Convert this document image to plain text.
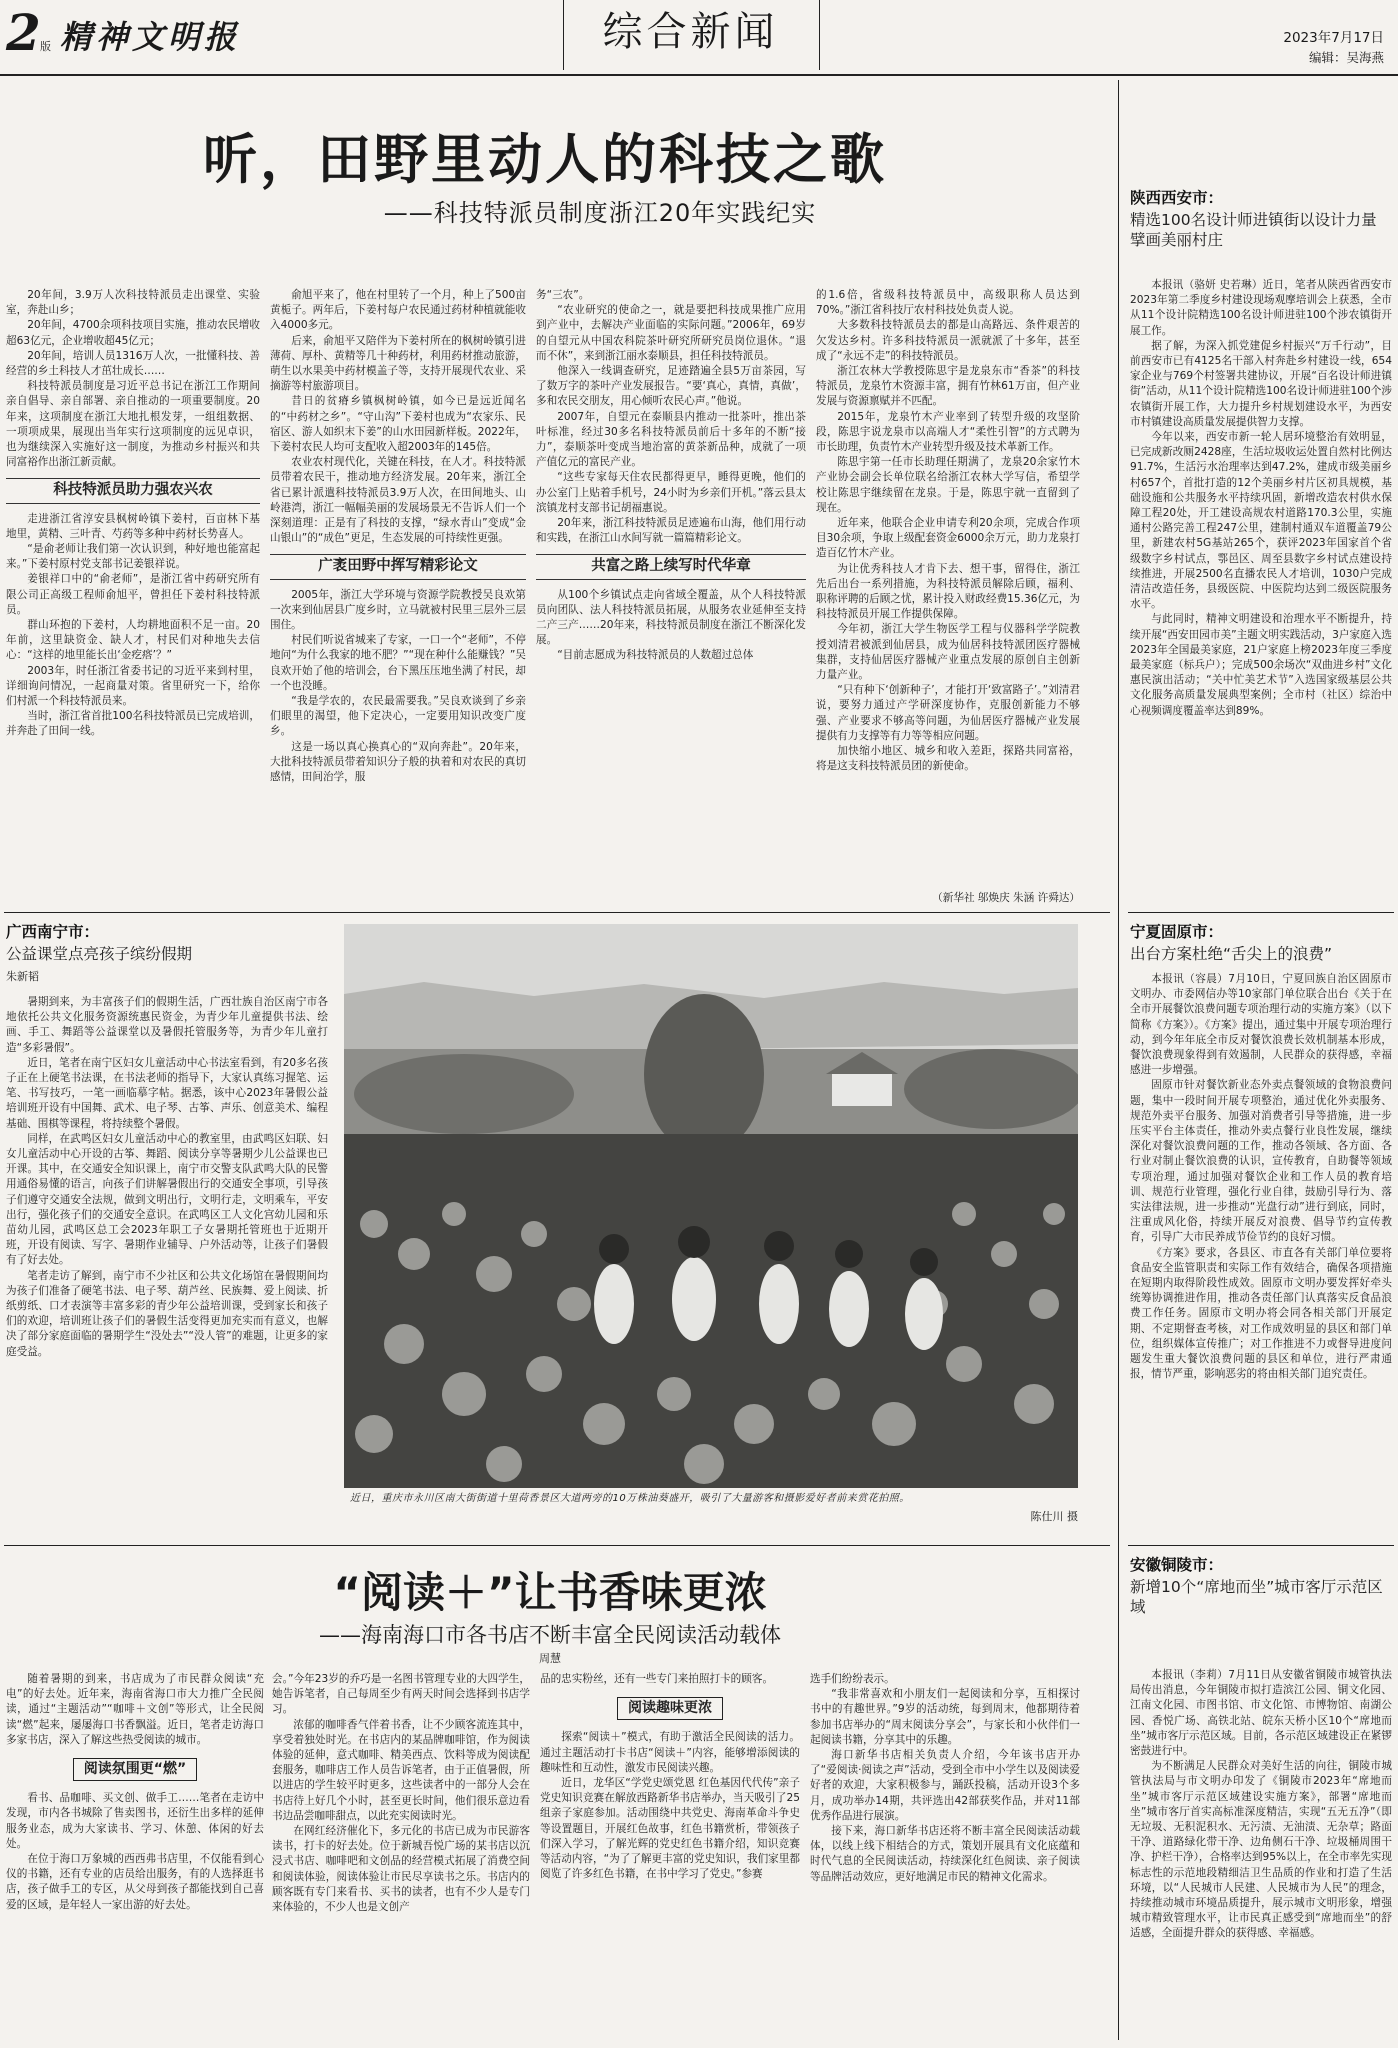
2 版 精神文明报	综合新闻	2023年7月17日
编辑：吴海燕
听，田野里动人的科技之歌
——科技特派员制度浙江20年实践纪实

20年间，3.9万人次科技特派员走出课堂、实验室，奔赴山乡；

20年间，4700余项科技项目实施，推动农民增收超63亿元，企业增收超45亿元；

20年间，培训人员1316万人次，一批懂科技、善经营的乡土科技人才茁壮成长……

科技特派员制度是习近平总书记在浙江工作期间亲自倡导、亲自部署、亲自推动的一项重要制度。20年来，这项制度在浙江大地扎根发芽，一组组数据、一项项成果，展现出当年实行这项制度的远见卓识，也为继续深入实施好这一制度，为推动乡村振兴和共同富裕作出浙江新贡献。

科技特派员助力强农兴农

走进浙江省淳安县枫树岭镇下姜村，百亩林下基地里，黄精、三叶青、芍药等多种中药材长势喜人。

“是俞老师让我们第一次认识到，种好地也能富起来。”下姜村原村党支部书记姜银祥说。

姜银祥口中的“俞老师”，是浙江省中药研究所有限公司正高级工程师俞旭平，曾担任下姜村科技特派员。

群山环抱的下姜村，人均耕地面积不足一亩。20年前，这里缺资金、缺人才，村民们对种地失去信心：“这样的地里能长出‘金疙瘩’？”

2003年，时任浙江省委书记的习近平来到村里，详细询问情况，一起商量对策。省里研究一下，给你们村派一个科技特派员来。

当时，浙江省首批100名科技特派员已完成培训，并奔赴了田间一线。

俞旭平来了，他在村里转了一个月，种上了500亩黄栀子。两年后，下姜村每户农民通过药材种植就能收入4000多元。

后来，俞旭平又陪伴为下姜村所在的枫树岭镇引进薄荷、厚朴、黄精等几十种药材，利用药材推动旅游，萌生以水果美中药材模盖子等，支持开展现代农业、采摘游等村旅游项目。

昔日的贫瘠乡镇枫树岭镇，如今已是远近闻名的“中药材之乡”。“守山沟”下姜村也成为“农家乐、民宿区、游人如织末下姜”的山水田园新样板。2022年，下姜村农民人均可支配收入超2003年的145倍。

农业农村现代化，关键在科技，在人才。科技特派员带着农民干，推动地方经济发展。20年来，浙江全省已累计派遣科技特派员3.9万人次，在田间地头、山岭港湾，浙江一幅幅美丽的发展场景无不告诉人们一个深刻道理：正是有了科技的支撑，“绿水青山”变成“金山银山”的“成色”更足，生态发展的可持续性更强。

广袤田野中挥写精彩论文

2005年，浙江大学环境与资源学院教授吴良欢第一次来到仙居县广度乡时，立马就被村民里三层外三层围住。

村民们听说省城来了专家，一口一个“老师”，不停地问“为什么我家的地不肥？”“现在种什么能赚钱？”吴良欢开始了他的培训会，台下黑压压地坐满了村民，却一个也没睡。

“我是学农的，农民最需要我。”吴良欢谈到了乡亲们眼里的渴望，他下定决心，一定要用知识改变广度乡。

这是一场以真心换真心的“双向奔赴”。20年来，大批科技特派员带着知识分子般的执着和对农民的真切感情，田间治学，服

务“三农”。

“农业研究的使命之一，就是要把科技成果推广应用到产业中，去解决产业面临的实际问题。”2006年，69岁的自望元从中国农科院茶叶研究所研究员岗位退休。“退而不休”，来到浙江丽水泰顺县，担任科技特派员。

他深入一线调查研究，足迹踏遍全县5万亩茶园，写了数万字的茶叶产业发展报告。“要‘真心，真情，真做’，多和农民交朋友，用心倾听农民心声。”他说。

2007年，自望元在泰顺县内推动一批茶叶，推出茶叶标准，经过30多名科技特派员前后十多年的不断“接力”，泰顺茶叶变成当地治富的黄茶新品种，成就了一项产值亿元的富民产业。

“这些专家每天住农民都得更早，睡得更晚，他们的办公室门上贴着手机号，24小时为乡亲们开机。”落云县太滨镇龙村支部书记胡福惠说。

20年来，浙江科技特派员足迹遍布山海，他们用行动和实践，在浙江山水间写就一篇篇精彩论文。

共富之路上续写时代华章

从100个乡镇试点走向省域全覆盖，从个人科技特派员向团队、法人科技特派员拓展，从服务农业延伸至支持二产三产……20年来，科技特派员制度在浙江不断深化发展。

“目前志愿成为科技特派员的人数超过总体

的1.6倍，省级科技特派员中，高级职称人员达到70%。”浙江省科技厅农村科技处负责人说。

大多数科技特派员去的都是山高路远、条件艰苦的欠发达乡村。许多科技特派员一派就派了十多年，甚至成了“永远不走”的科技特派员。

浙江农林大学教授陈思宇是龙泉东市“香茶”的科技特派员，龙泉竹木资源丰富，拥有竹林61万亩，但产业发展与资源禀赋并不匹配。

2015年，龙泉竹木产业率到了转型升级的攻坚阶段，陈思宇说龙泉市以高端人才“柔性引智”的方式聘为市长助理，负责竹木产业转型升级及技术革新工作。

陈思宇第一任市长助理任期满了，龙泉20余家竹木产业协会副会长单位联名给浙江农林大学写信，希望学校让陈思宇继续留在龙泉。于是，陈思宇就一直留到了现在。

近年来，他联合企业申请专利20余项，完成合作项目30余项，争取上级配套资金6000余万元，助力龙泉打造百亿竹木产业。

为让优秀科技人才肯下去、想干事，留得住，浙江先后出台一系列措施，为科技特派员解除后顾，福利、职称评聘的后顾之忧，累计投入财政经费15.36亿元，为科技特派员开展工作提供保障。

今年初，浙江大学生物医学工程与仪器科学学院教授刘清君被派到仙居县，成为仙居科技特派团医疗器械集群，支持仙居医疗器械产业重点发展的原创自主创新力量产业。

“只有种下‘创新种子’，才能打开‘致富路子’。”刘清君说，要努力通过产学研深度协作，克服创新能力不够强、产业要求不够高等问题，为仙居医疗器械产业发展提供有力支撑等有力等等相应问题。

加快缩小地区、城乡和收入差距，探路共同富裕，将是这支科技特派员团的新使命。

（新华社 邬焕庆 朱涵 许舜达）
广西南宁市：
公益课堂点亮孩子缤纷假期
朱新韬

暑期到来，为丰富孩子们的假期生活，广西壮族自治区南宁市各地依托公共文化服务资源统惠民资金，为青少年儿童提供书法、绘画、手工、舞蹈等公益课堂以及暑假托管服务等，为青少年儿童打造“多彩暑假”。

近日，笔者在南宁区妇女儿童活动中心书法室看到，有20多名孩子正在上硬笔书法课，在书法老师的指导下，大家认真练习握笔、运笔、书写技巧，一笔一画临摹字帖。据悉，该中心2023年暑假公益培训班开设有中国舞、武术、电子琴、古筝、声乐、创意美术、编程基础、围棋等课程，将持续整个暑假。

同样，在武鸣区妇女儿童活动中心的教室里，由武鸣区妇联、妇女儿童活动中心开设的古筝、舞蹈、阅读分享等暑期少儿公益课也已开课。其中，在交通安全知识课上，南宁市交警支队武鸣大队的民警用通俗易懂的语言，向孩子们讲解暑假出行的交通安全事项，引导孩子们遵守交通安全法规，做到文明出行，文明行走，文明乘车，平安出行，强化孩子们的交通安全意识。在武鸣区工人文化宫幼儿园和乐苗幼儿园，武鸣区总工会2023年职工子女暑期托管班也于近期开班，开设有阅读、写字、暑期作业辅导、户外活动等，让孩子们暑假有了好去处。

笔者走访了解到，南宁市不少社区和公共文化场馆在暑假期间均为孩子们准备了硬笔书法、电子琴、葫芦丝、民族舞、爱上阅读、折纸剪纸、口才表演等丰富多彩的青少年公益培训课，受到家长和孩子们的欢迎，培训班让孩子们的暑假生活变得更加充实而有意义，也解决了部分家庭面临的暑期学生“没处去”“没人管”的难题，让更多的家庭受益。

近日，重庆市永川区南大街街道十里荷香景区大道两旁的10万株油葵盛开，吸引了大量游客和摄影爱好者前来赏花拍照。
陈仕川 摄
“阅读＋”让书香味更浓
——海南海口市各书店不断丰富全民阅读活动载体
周慧

随着暑期的到来，书店成为了市民群众阅读“充电”的好去处。近年来，海南省海口市大力推广全民阅读，通过“主题活动”“咖啡＋文创”等形式，让全民阅读“燃”起来，屡屡海口书香飘溢。近日，笔者走访海口多家书店，深入了解这些热受阅读的城市。

阅读氛围更“燃”

看书、品咖啡、买文创、做手工……笔者在走访中发现，市内各书城除了售卖图书，还衍生出多样的延伸服务业态，成为大家读书、学习、休憩、体闲的好去处。

在位于海口万象城的西西弗书店里，不仅能看到心仪的书籍，还有专业的店员给出服务，有的人选择逛书店，孩子做手工的专区，从父母到孩子都能找到自己喜爱的区域，是年轻人一家出游的好去处。

会。”今年23岁的乔巧是一名图书管理专业的大四学生，她告诉笔者，自己每周至少有两天时间会选择到书店学习。

浓郁的咖啡香气伴着书香，让不少顾客流连其中，享受着独处时光。在书店内的某品牌咖啡馆，作为阅读体验的延伸，意式咖啡、精美西点、饮料等成为阅读配套服务，咖啡店工作人员告诉笔者，由于正值暑假，所以进店的学生较平时更多，这些读者中的一部分人会在书店待上好几个小时，甚至更长时间，他们很乐意边看书边品尝咖啡甜点，以此充实阅读时光。

在网红经济催化下，多元化的书店已成为市民游客读书，打卡的好去处。位于新城吾悦广场的某书店以沉浸式书店、咖啡吧和文创品的经营模式拓展了消费空间和阅读体验，阅读体验让市民尽享读书之乐。书店内的顾客既有专门来看书、买书的读者，也有不少人是专门来体验的，不少人也是文创产

品的忠实粉丝，还有一些专门来拍照打卡的顾客。

阅读趣味更浓

探索“阅读＋”模式，有助于激活全民阅读的活力。通过主题活动打卡书店“阅读＋”内容，能够增添阅读的趣味性和互动性，激发市民阅读兴趣。

近日，龙华区“学党史颂党恩 红色基因代代传”亲子党史知识竞赛在解放西路新华书店举办，当天吸引了25组亲子家庭参加。活动围绕中共党史、海南革命斗争史等设置题目，开展红色故事，红色书籍赏析，带领孩子们深入学习，了解光辉的党史红色书籍介绍，知识竞赛等活动内容，“为了了解更丰富的党史知识，我们家里都阅览了许多红色书籍，在书中学习了党史。”参赛

选手们纷纷表示。

“我非常喜欢和小朋友们一起阅读和分享，互相探讨书中的有趣世界。”9岁的活动统，每到周末，他都期待着参加书店举办的“周末阅读分享会”，与家长和小伙伴们一起阅读书籍，分享其中的乐趣。

海口新华书店相关负责人介绍，今年该书店开办了“爱阅读·阅读之声”活动，受到全市中小学生以及阅读爱好者的欢迎，大家积极参与，踊跃投稿，活动开设3个多月，成功举办14期，共评选出42部获奖作品，并对11部优秀作品进行展演。

接下来，海口新华书店还将不断丰富全民阅读活动载体，以线上线下相结合的方式，策划开展具有文化底蕴和时代气息的全民阅读活动，持续深化红色阅读、亲子阅读等品牌活动效应，更好地满足市民的精神文化需求。

陕西西安市：
精选100名设计师进镇街以设计力量擘画美丽村庄

本报讯（骆妍 史若琳）近日，笔者从陕西省西安市2023年第二季度乡村建设现场观摩培训会上获悉，全市从11个设计院精选100名设计师进驻100个涉农镇街开展工作。

据了解，为深入抓党建促乡村振兴“万千行动”，目前西安市已有4125名干部入村奔赴乡村建设一线，654家企业与769个村签署共建协议，开展“百名设计师进镇街”活动，从11个设计院精选100名设计师进驻100个涉农镇街开展工作，大力提升乡村规划建设水平，为西安市村镇建设高质量发展提供智力支撑。

今年以来，西安市新一轮人居环境整治有效明显，已完成新改厕2428座，生活垃圾收运处置自然村比例达91.7%，生活污水治理率达到47.2%，建成市级美丽乡村657个，首批打造的12个美丽乡村片区初具规模，基础设施和公共服务水平持续巩固，新增改造农村供水保障工程20处，开工建设高规农村道路170.3公里，实施通村公路完善工程247公里，建制村通双车道覆盖79公里，新建农村5G基站265个，获评2023年国家首个省级数字乡村试点，鄠邑区、周至县数字乡村试点建设持续推进，开展2500名直播农民人才培训，1030户完成清洁改造任务，县级医院、中医院均达到二级医院服务水平。

与此同时，精神文明建设和治理水平不断提升，持续开展“西安田园市美”主题文明实践活动，3户家庭入选2023年全国最美家庭，21户家庭上榜2023年度三季度最美家庭（标兵户）；完成500余场次“双曲进乡村”文化惠民演出活动；“关中忙美艺术节”入选国家级基层公共文化服务高质量发展典型案例；全市村（社区）综治中心视频调度覆盖率达到89%。

宁夏固原市：
出台方案杜绝“舌尖上的浪费”

本报讯（容晨）7月10日，宁夏回族自治区固原市文明办、市委网信办等10家部门单位联合出台《关于在全市开展餐饮浪费问题专项治理行动的实施方案》（以下简称《方案》）。《方案》提出，通过集中开展专项治理行动，到今年年底全市反对餐饮浪费长效机制基本形成，餐饮浪费现象得到有效遏制，人民群众的获得感，幸福感进一步增强。

固原市针对餐饮新业态外卖点餐领域的食物浪费问题，集中一段时间开展专项整治，通过优化外卖服务、规范外卖平台服务、加强对消费者引导等措施，进一步压实平台主体责任，推动外卖点餐行业良性发展，继续深化对餐饮浪费问题的工作，推动各领域、各方面、各行业对制止餐饮浪费的认识，宣传教育，自助餐等领域专项治理，通过加强对餐饮企业和工作人员的教育培训、规范行业管理，强化行业自律，鼓励引导行为、落实法律法规，进一步推动“光盘行动”进行到底，同时，注重成风化俗，持续开展反对浪费、倡导节约宣传教育，引导广大市民养成节俭节约的良好习惯。

《方案》要求，各县区、市直各有关部门单位要将食品安全监管职责和实际工作有效结合，确保各项措施在短期内取得阶段性成效。固原市文明办要发挥好牵头统筹协调推进作用，推动各责任部门认真落实反食品浪费工作任务。固原市文明办将会同各相关部门开展定期、不定期督查考核，对工作成效明显的县区和部门单位，组织媒体宣传推广；对工作推进不力或督导进度问题发生重大餐饮浪费问题的县区和单位，进行严肃通报，情节严重，影响恶劣的将由相关部门追究责任。

安徽铜陵市：
新增10个“席地而坐”城市客厅示范区域

本报讯（李莉）7月11日从安徽省铜陵市城管执法局传出消息，今年铜陵市拟打造滨江公园、铜文化园、江南文化园、市图书馆、市文化馆、市博物馆、南湖公园、香悦广场、高铁北站、皖东天桥小区10个“席地而坐”城市客厅示范区域。目前，各示范区域建设正在紧锣密鼓进行中。

为不断满足人民群众对美好生活的向往，铜陵市城管执法局与市文明办印发了《铜陵市2023年“席地而坐”城市客厅示范区域建设实施方案》，部署“席地而坐”城市客厅首实高标准深度精洁，实现“五无五净”（即无垃圾、无积泥积水、无污渍、无油渍、无杂草；路面干净、道路绿化带干净、边角侧石干净、垃圾桶周围干净、护栏干净），合格率达到95%以上，在全市率先实现标志性的示范地段精细洁卫生品质的作业和打造了生活环境，以“人民城市人民建、人民城市为人民”的理念，持续推动城市环境品质提升，展示城市文明形象，增强城市精致管理水平，让市民真正感受到“席地而坐”的舒适感，全面提升群众的获得感、幸福感。
